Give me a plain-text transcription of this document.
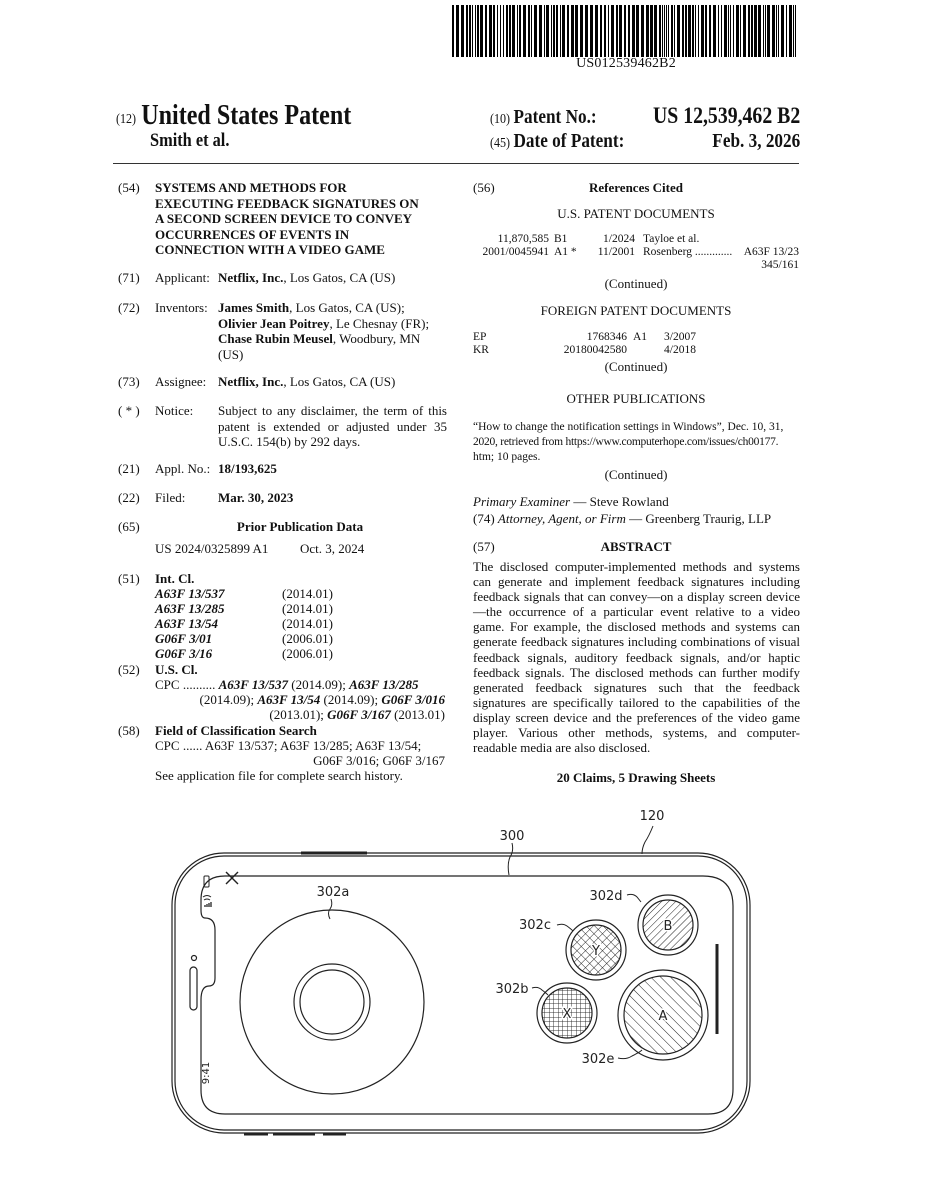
US012539462B2
(12) United States Patent
Smith et al.
(10) Patent No.: US 12,539,462 B2
(45) Date of Patent:	Feb. 3, 2026
(54) SYSTEMS AND METHODS FOR
EXECUTING FEEDBACK SIGNATURES ON
A SECOND SCREEN DEVICE TO CONVEY
OCCURRENCES OF EVENTS IN
CONNECTION WITH A VIDEO GAME
(71) Applicant: Netflix, Inc., Los Gatos, CA (US)
(72) Inventors: James Smith, Los Gatos, CA (US);
Olivier Jean Poitrey, Le Chesnay (FR);
Chase Rubin Meusel, Woodbury, MN
(US)
(73) Assignee: Netflix, Inc., Los Gatos, CA (US)
( * ) Notice: Subject to any disclaimer, the term of this
patent is extended or adjusted under 35
U.S.C. 154(b) by 292 days.
(21) Appl. No.: 18/193,625
(22) Filed:	Mar. 30, 2023
(65)	Prior Publication Data
US 2024/0325899 A1 Oct. 3, 2024
(51) Int. Cl.
A63F 13/537	(2014.01)
A63F 13/285	(2014.01)
A63F 13/54	(2014.01)
G06F 3/01	(2006.01)
G06F 3/16	(2006.01)
(52) U.S. Cl.
CPC .......... A63F 13/537 (2014.09); A63F 13/285
(2014.09); A63F 13/54 (2014.09); G06F 3/016
(2013.01); G06F 3/167 (2013.01)
(58) Field of Classification Search
CPC ...... A63F 13/537; A63F 13/285; A63F 13/54;
G06F 3/016; G06F 3/167
See application file for complete search history.
(56)	References Cited
U.S. PATENT DOCUMENTS
11,870,585 B1	1/2024 Tayloe et al.
2001/0045941 A1 *	11/2001 Rosenberg ............. A63F 13/23
345/161
(Continued)
FOREIGN PATENT DOCUMENTS
EP	1768346 A1	3/2007
KR	20180042580	4/2018
(Continued)
OTHER PUBLICATIONS
“How to change the notification settings in Windows”, Dec. 10, 31,
2020, retrieved from https://www.computerhope.com/issues/ch00177.
htm; 10 pages.
(Continued)
Primary Examiner — Steve Rowland
(74) Attorney, Agent, or Firm — Greenberg Traurig, LLP
(57)	ABSTRACT
The disclosed computer-implemented methods and systems can generate and implement feedback signatures including feedback signals that can convey—on a display screen device—the occurrence of a particular event relative to a video game. For example, the disclosed methods and systems can generate feedback signatures including combinations of visual feedback signals, auditory feedback signals, and/or haptic feedback signals. The disclosed methods can further modify generated feedback signatures such that the feedback signatures are specifically tailored to the capabilities of the display screen device and the preferences of the video game player. Various other methods, systems, and computer-readable media are also disclosed.
20 Claims, 5 Drawing Sheets
9:41
B
Y
X	A
120
300
302a	302d
302c
302b
302e
